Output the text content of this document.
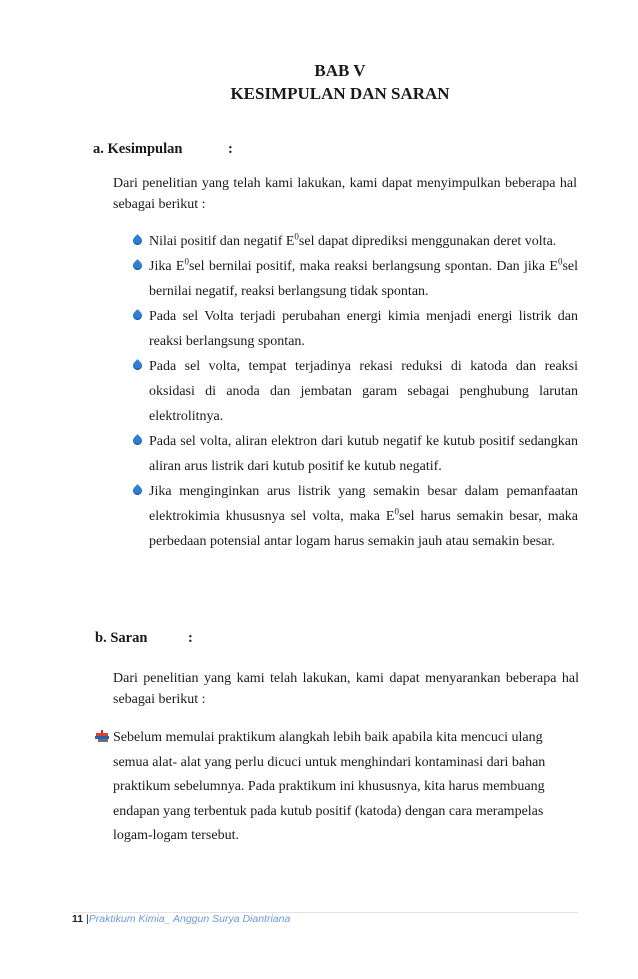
BAB V
KESIMPULAN DAN SARAN
a. Kesimpulan	:
Dari penelitian yang telah kami lakukan, kami dapat menyimpulkan beberapa hal sebagai berikut :
Nilai positif dan negatif $E^0sel$ dapat diprediksi menggunakan deret volta.
Jika $E^0sel$ bernilai positif, maka reaksi berlangsung spontan. Dan jika $E^0sel$ bernilai negatif, reaksi berlangsung tidak spontan.
Pada sel Volta terjadi perubahan energi kimia menjadi energi listrik dan reaksi berlangsung spontan.
Pada sel volta, tempat terjadinya rekasi reduksi di katoda dan reaksi oksidasi di anoda dan jembatan garam sebagai penghubung larutan elektrolitnya.
Pada sel volta, aliran elektron dari kutub negatif ke kutub positif sedangkan aliran arus listrik dari kutub positif ke kutub negatif.
Jika menginginkan arus listrik yang semakin besar dalam pemanfaatan elektrokimia khususnya sel volta, maka $E^0sel$ harus semakin besar, maka perbedaan potensial antar logam harus semakin jauh atau semakin besar.
b. Saran	:
Dari penelitian yang kami telah lakukan, kami dapat menyarankan beberapa hal sebagai berikut :
Sebelum memulai praktikum alangkah lebih baik apabila kita mencuci ulang semua alat- alat yang perlu dicuci untuk menghindari kontaminasi dari bahan praktikum sebelumnya. Pada praktikum ini khususnya, kita harus membuang endapan yang terbentuk pada kutub positif (katoda) dengan cara merampelas logam-logam tersebut.
11 |Praktikum Kimia_ Anggun Surya Diantriana
